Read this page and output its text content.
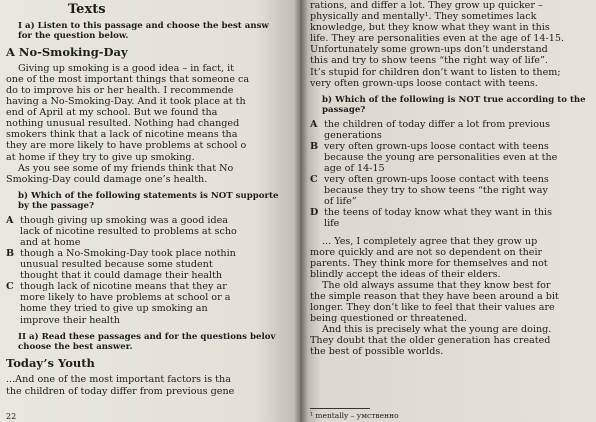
Texts

I a) Listen to this passage and choose the best answ

for the question below.

A No-Smoking-Day

Giving up smoking is a good idea – in fact, it

one of the most important things that someone ca

do to improve his or her health. I recommende

having a No-Smoking-Day. And it took place at th

end of April at my school. But we found tha

nothing unusual resulted. Nothing had changed

smokers think that a lack of nicotine means tha

they are more likely to have problems at school o

at home if they try to give up smoking.

As you see some of my friends think that No

Smoking-Day could damage one’s health.

b) Which of the following statements is NOT supporte

by the passage?

A though giving up smoking was a good idea

lack of nicotine resulted to problems at scho

and at home

B though a No-Smoking-Day took place nothin

unusual resulted because some student

thought that it could damage their health

C though lack of nicotine means that they ar

more likely to have problems at school or a

home they tried to give up smoking an

improve their health

II a) Read these passages and for the questions belov

choose the best answer.

Today’s Youth

...And one of the most important factors is tha

the children of today differ from previous gene

22

rations, and differ a lot. They grow up quicker –

physically and mentally¹. They sometimes lack

knowledge, but they know what they want in this

life. They are personalities even at the age of 14-15.

Unfortunately some grown-ups don’t understand

this and try to show teens “the right way of life”.

It’s stupid for children don’t want to listen to them;

very often grown-ups loose contact with teens.

b) Which of the following is NOT true according to the

passage?

A the children of today differ a lot from previous

generations

B very often grown-ups loose contact with teens

because the young are personalities even at the

age of 14-15

C very often grown-ups loose contact with teens

because they try to show teens “the right way

of life”

D the teens of today know what they want in this

life

... Yes, I completely agree that they grow up

more quickly and are not so dependent on their

parents. They think more for themselves and not

blindly accept the ideas of their elders.

The old always assume that they know best for

the simple reason that they have been around a bit

longer. They don’t like to feel that their values are

being questioned or threatened.

And this is precisely what the young are doing.

They doubt that the older generation has created

the best of possible worlds.

¹ mentally – умственно
